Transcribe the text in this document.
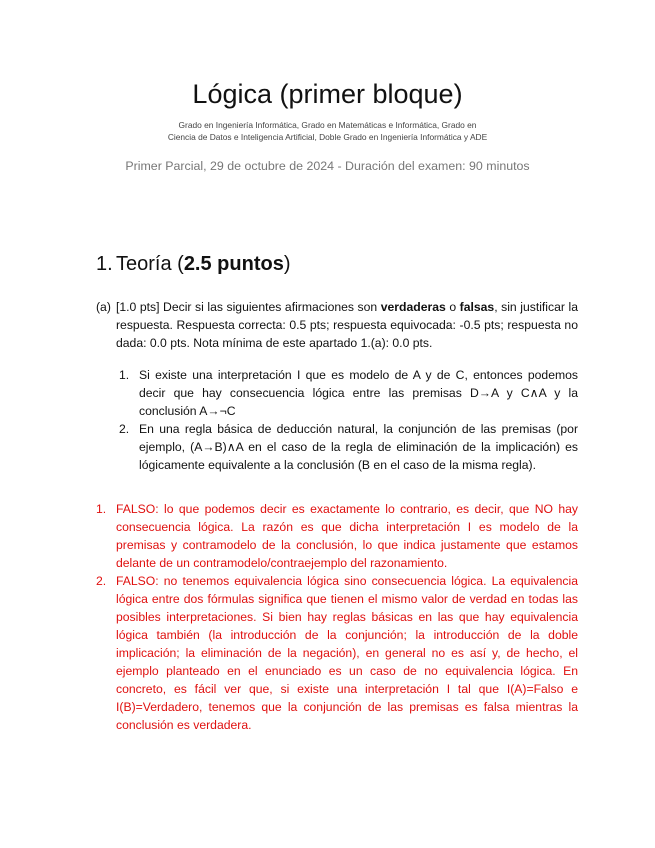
Lógica (primer bloque)
Grado en Ingeniería Informática, Grado en Matemáticas e Informática, Grado en
Ciencia de Datos e Inteligencia Artificial, Doble Grado en Ingeniería Informática y ADE
Primer Parcial, 29 de octubre de 2024 - Duración del examen: 90 minutos
1. Teoría (2.5 puntos)
(a) [1.0 pts] Decir si las siguientes afirmaciones son verdaderas o falsas, sin justificar la respuesta. Respuesta correcta: 0.5 pts; respuesta equivocada: -0.5 pts; respuesta no dada: 0.0 pts. Nota mínima de este apartado 1.(a): 0.0 pts.
1. Si existe una interpretación I que es modelo de A y de C, entonces podemos decir que hay consecuencia lógica entre las premisas D→A y C∧A y la conclusión A→¬C
2. En una regla básica de deducción natural, la conjunción de las premisas (por ejemplo, (A→B)∧A en el caso de la regla de eliminación de la implicación) es lógicamente equivalente a la conclusión (B en el caso de la misma regla).
1. FALSO: lo que podemos decir es exactamente lo contrario, es decir, que NO hay consecuencia lógica. La razón es que dicha interpretación I es modelo de la premisas y contramodelo de la conclusión, lo que indica justamente que estamos delante de un contramodelo/contraejemplo del razonamiento.
2. FALSO: no tenemos equivalencia lógica sino consecuencia lógica. La equivalencia lógica entre dos fórmulas significa que tienen el mismo valor de verdad en todas las posibles interpretaciones. Si bien hay reglas básicas en las que hay equivalencia lógica también (la introducción de la conjunción; la introducción de la doble implicación; la eliminación de la negación), en general no es así y, de hecho, el ejemplo planteado en el enunciado es un caso de no equivalencia lógica. En concreto, es fácil ver que, si existe una interpretación I tal que I(A)=Falso e I(B)=Verdadero, tenemos que la conjunción de las premisas es falsa mientras la conclusión es verdadera.
